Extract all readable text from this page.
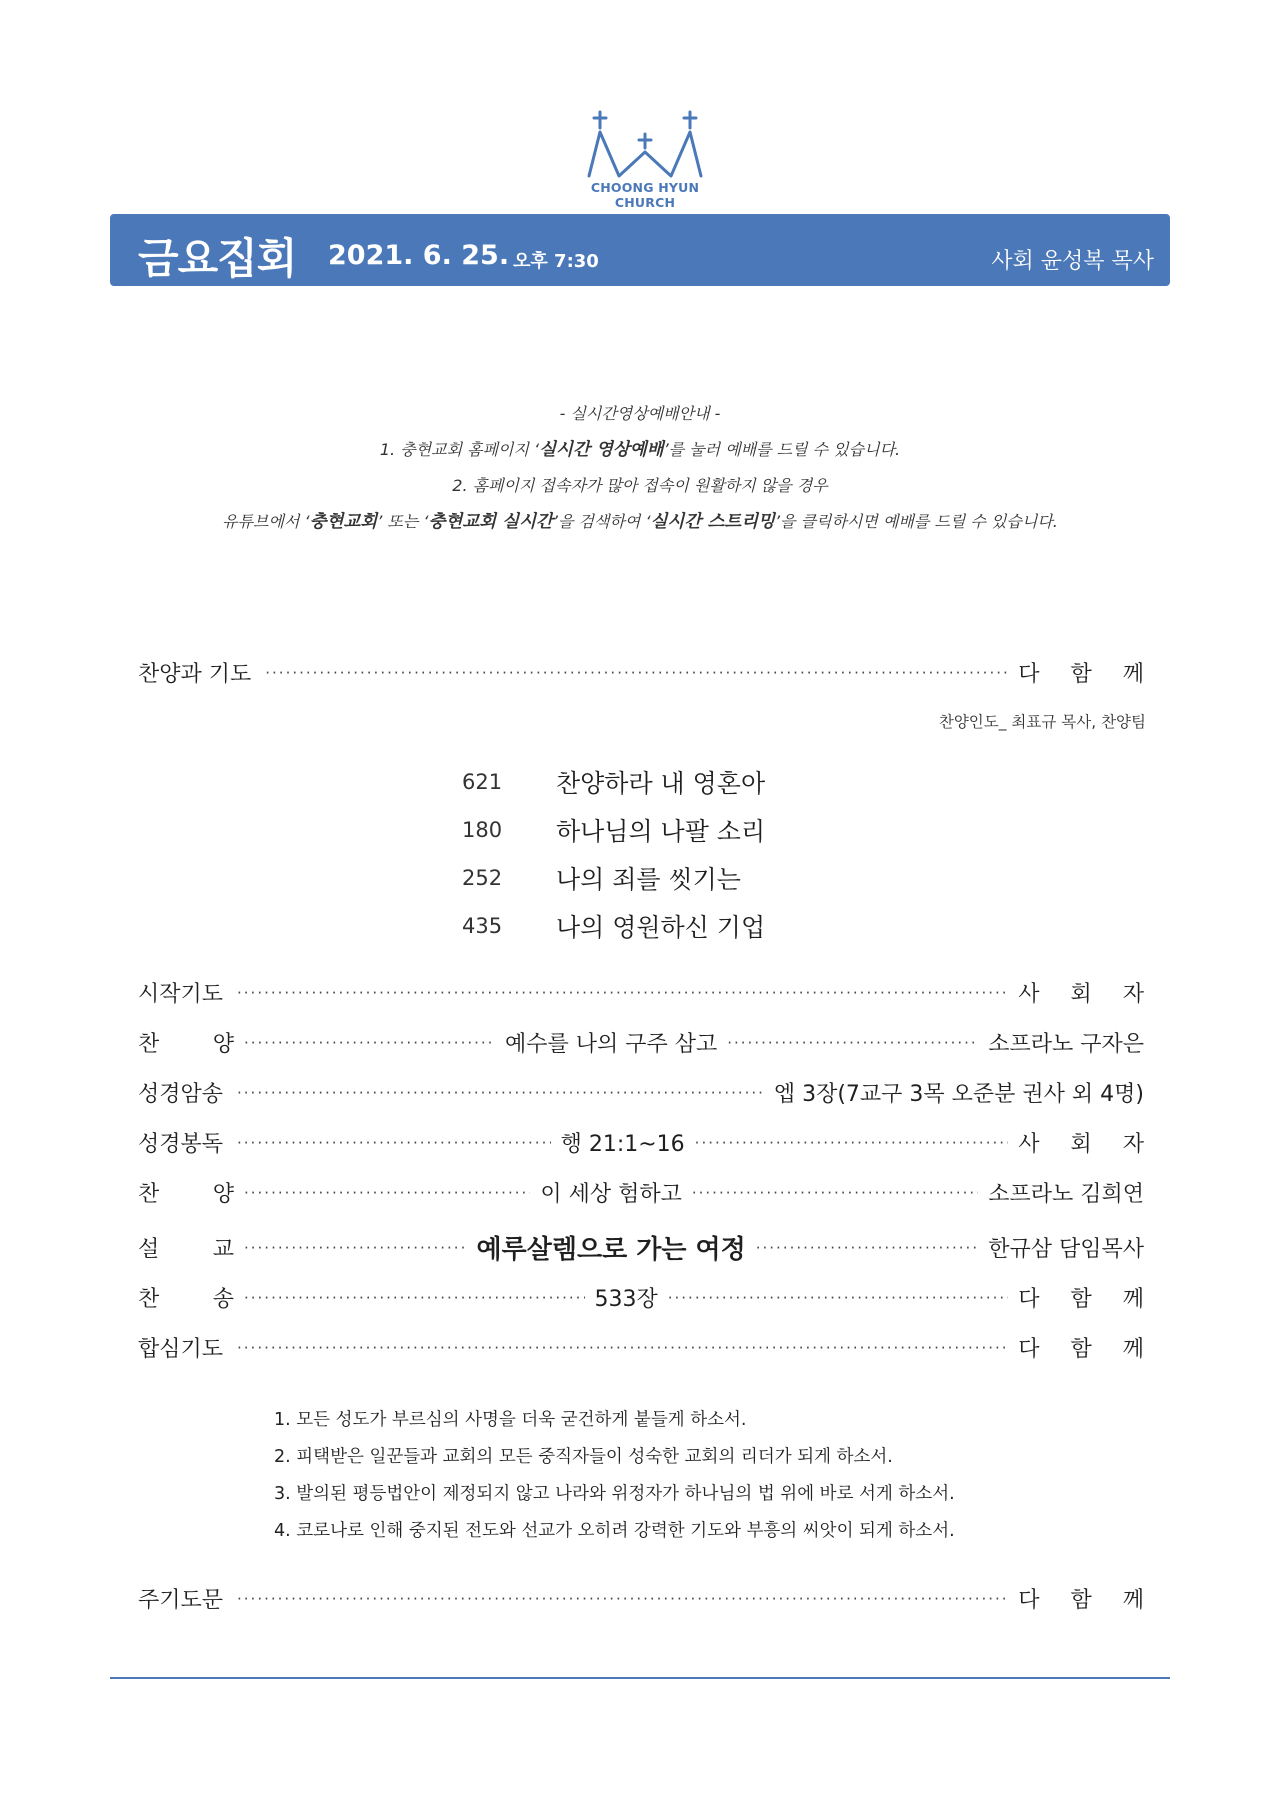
CHOONG HYUN CHURCH
금요집회 2021. 6. 25. 오후 7:30	사회 윤성복 목사
- 실시간영상예배안내 -
1. 충현교회 홈페이지 ‘실시간 영상예배’를 눌러 예배를 드릴 수 있습니다.
2. 홈페이지 접속자가 많아 접속이 원활하지 않을 경우
유튜브에서 ‘충현교회’ 또는 ‘충현교회 실시간’을 검색하여 ‘실시간 스트리밍’을 클릭하시면 예배를 드릴 수 있습니다.
찬양과 기도 ·····	다 함 께
찬양인도_ 최표규 목사, 찬양팀
621	찬양하라 내 영혼아
180	하나님의 나팔 소리
252	나의 죄를 씻기는
435	나의 영원하신 기업
시작기도 ·····	사 회 자
찬 양 ·····	예수를 나의 구주 삼고 ·····	소프라노 구자은
성경암송 ·····	엡 3장(7교구 3목 오준분 권사 외 4명)
성경봉독 ·····	행 21:1~16 ·····	사 회 자
찬 양 ·····	이 세상 험하고 ·····	소프라노 김희연
설 교 ·····	예루살렘으로 가는 여정 ·····	한규삼 담임목사
찬 송 ·····	533장 ·····	다 함 께
합심기도 ·····	다 함 께
1. 모든 성도가 부르심의 사명을 더욱 굳건하게 붙들게 하소서.
2. 피택받은 일꾼들과 교회의 모든 중직자들이 성숙한 교회의 리더가 되게 하소서.
3. 발의된 평등법안이 제정되지 않고 나라와 위정자가 하나님의 법 위에 바로 서게 하소서.
4. 코로나로 인해 중지된 전도와 선교가 오히려 강력한 기도와 부흥의 씨앗이 되게 하소서.
주기도문 ·····	다 함 께
